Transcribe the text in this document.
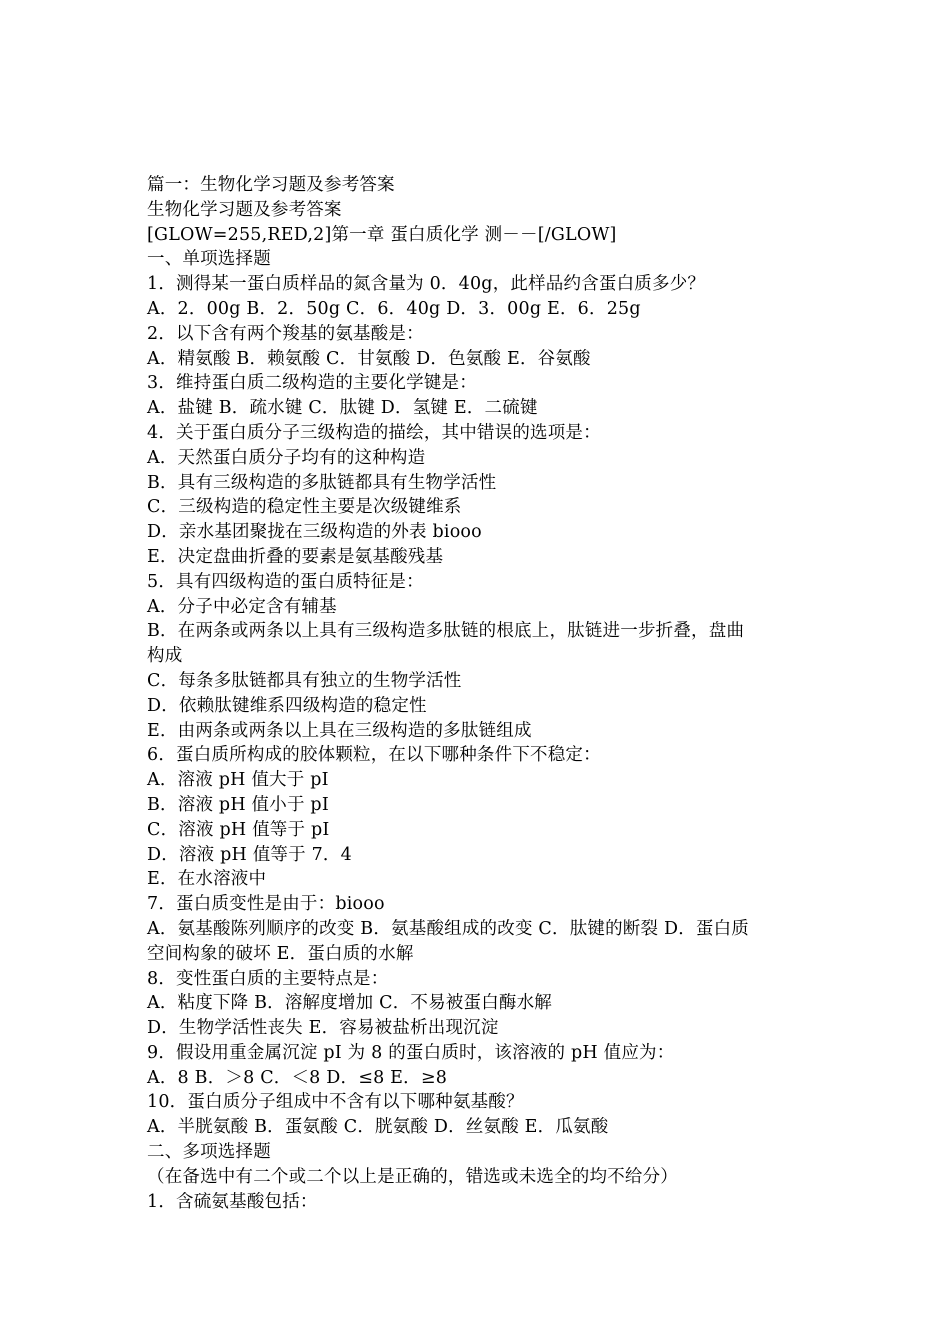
篇一：生物化学习题及参考答案
生物化学习题及参考答案
[GLOW=255,RED,2]第一章 蛋白质化学 测－－[/GLOW]
一、单项选择题
1．测得某一蛋白质样品的氮含量为 0．40g，此样品约含蛋白质多少？
A．2．00g B．2．50g C．6．40g D．3．00g E．6．25g
2．以下含有两个羧基的氨基酸是：
A．精氨酸 B．赖氨酸 C．甘氨酸 D．色氨酸 E．谷氨酸
3．维持蛋白质二级构造的主要化学键是：
A．盐键 B．疏水键 C．肽键 D．氢键 E．二硫键
4．关于蛋白质分子三级构造的描绘，其中错误的选项是：
A．天然蛋白质分子均有的这种构造
B．具有三级构造的多肽链都具有生物学活性
C．三级构造的稳定性主要是次级键维系
D．亲水基团聚拢在三级构造的外表 biooo
E．决定盘曲折叠的要素是氨基酸残基
5．具有四级构造的蛋白质特征是：
A．分子中必定含有辅基
B．在两条或两条以上具有三级构造多肽链的根底上，肽链进一步折叠，盘曲
构成
C．每条多肽链都具有独立的生物学活性
D．依赖肽键维系四级构造的稳定性
E．由两条或两条以上具在三级构造的多肽链组成
6．蛋白质所构成的胶体颗粒，在以下哪种条件下不稳定：
A．溶液 pH 值大于 pI
B．溶液 pH 值小于 pI
C．溶液 pH 值等于 pI
D．溶液 pH 值等于 7．4
E．在水溶液中
7．蛋白质变性是由于：biooo
A．氨基酸陈列顺序的改变 B．氨基酸组成的改变 C．肽键的断裂 D．蛋白质
空间构象的破坏 E．蛋白质的水解
8．变性蛋白质的主要特点是：
A．粘度下降 B．溶解度增加 C．不易被蛋白酶水解
D．生物学活性丧失 E．容易被盐析出现沉淀
9．假设用重金属沉淀 pI 为 8 的蛋白质时，该溶液的 pH 值应为：
A．8 B．＞8 C．＜8 D．≤8 E．≥8
10．蛋白质分子组成中不含有以下哪种氨基酸？
A．半胱氨酸 B．蛋氨酸 C．胱氨酸 D．丝氨酸 E．瓜氨酸
二、多项选择题
（在备选中有二个或二个以上是正确的，错选或未选全的均不给分）
1．含硫氨基酸包括：
